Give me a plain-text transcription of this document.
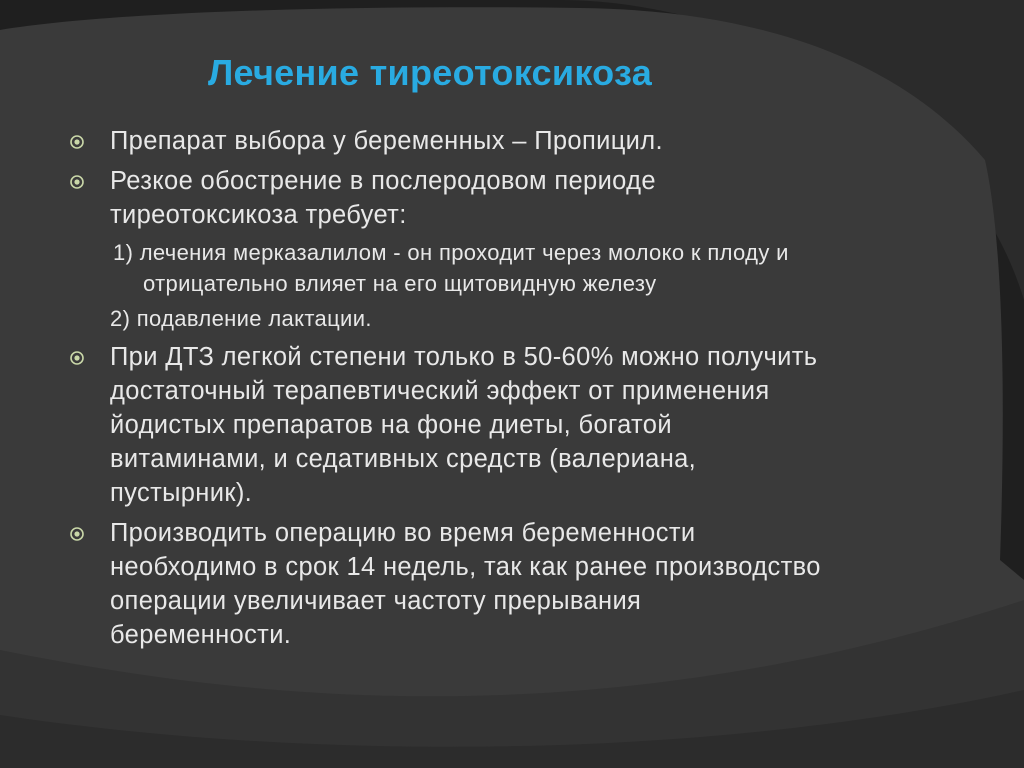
Лечение тиреотоксикоза

Препарат выбора у беременных – Пропицил.

Резкое обострение в послеродовом периоде
тиреотоксикоза требует:

1) лечения мерказалилом - он проходит через молоко к плоду и
отрицательно влияет на его щитовидную железу

2) подавление лактации.

При ДТЗ легкой степени только в 50-60% можно получить
достаточный терапевтический эффект от применения
йодистых препаратов на фоне диеты, богатой
витаминами, и седативных средств (валериана,
пустырник).

Производить операцию во время беременности
необходимо в срок 14 недель, так как ранее производство
операции увеличивает частоту прерывания
беременности.
